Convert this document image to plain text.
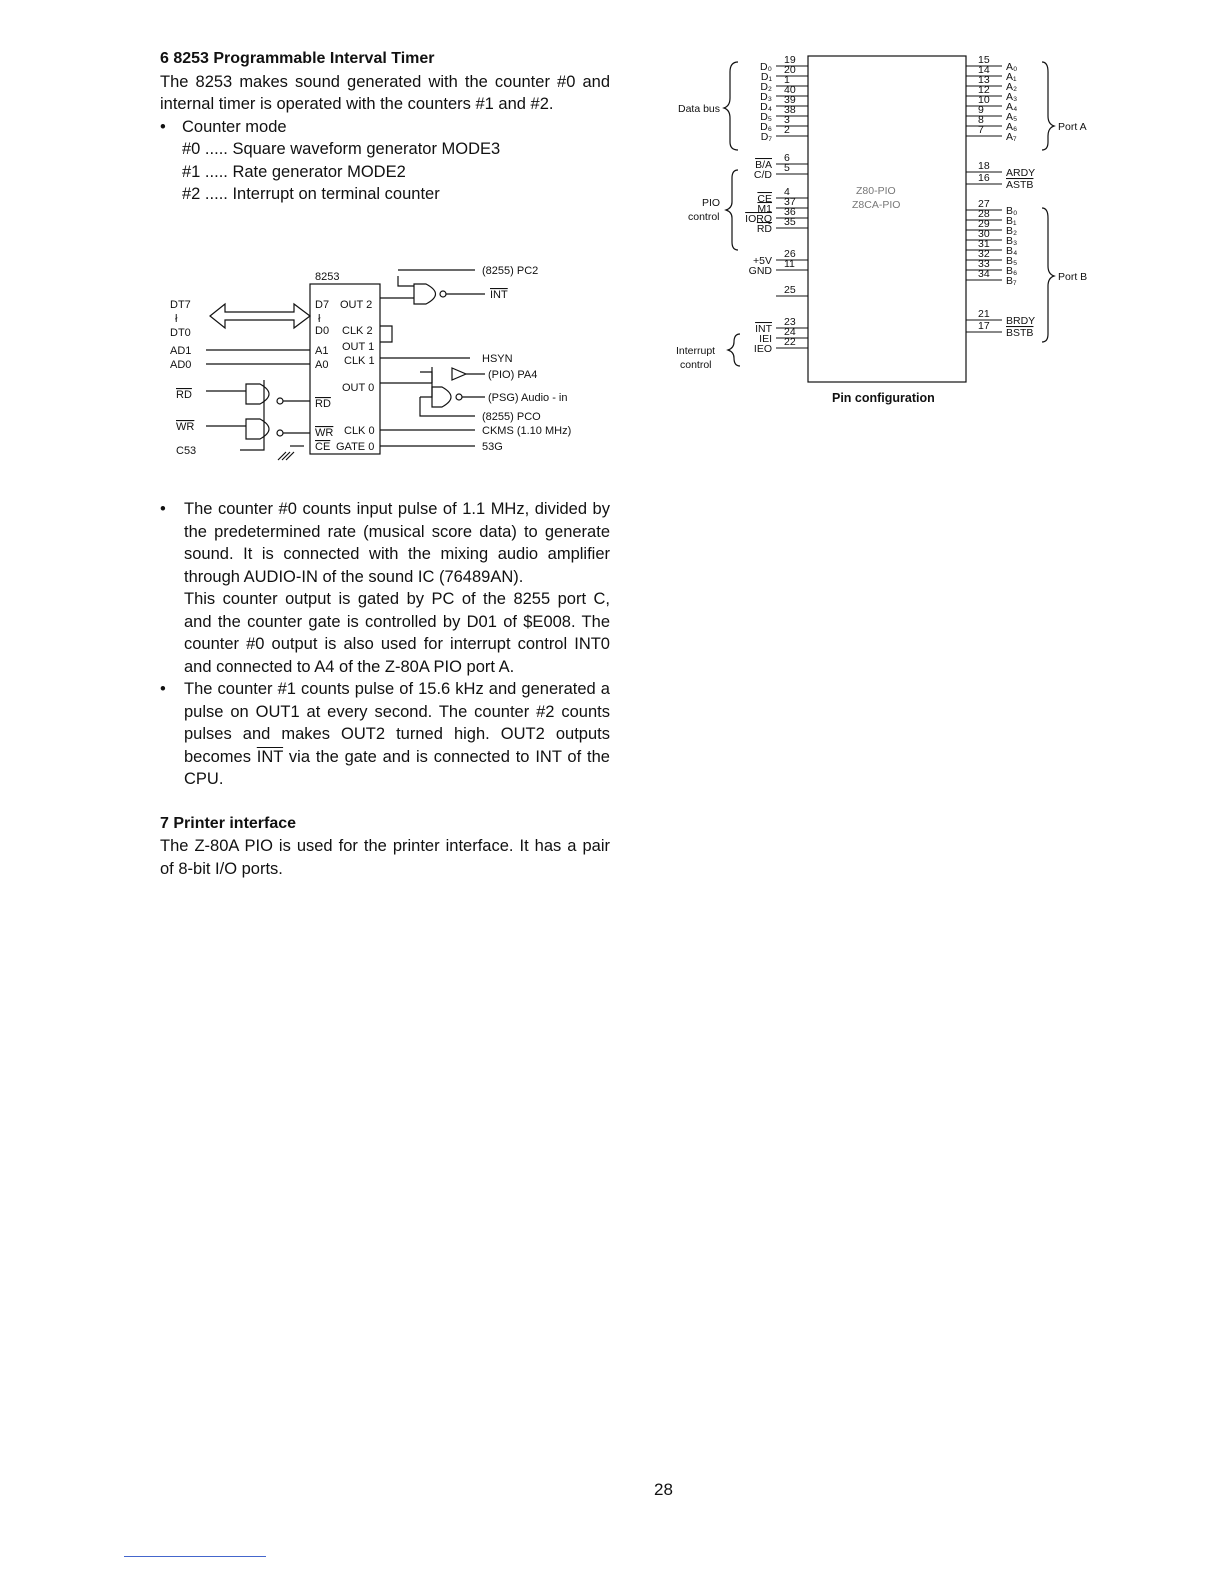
6 8253 Programmable Interval Timer

The 8253 makes sound generated with the counter #0 and internal timer is operated with the counters #1 and #2.

• Counter mode

#0 ..... Square waveform generator MODE3
#1 ..... Rate generator MODE2
#2 ..... Interrupt on terminal counter
8253
DT7
ł
DT0
AD1
AD0
RD
WR
C53
D7
ł
D0
A1
A0
RD
WR
CE
OUT 2
CLK 2
OUT 1
CLK 1
OUT 0
CLK 0
GATE 0
(8255) PC2
INT
HSYN
(PIO) PA4
(PSG) Audio - in
(8255) PCO
CKMS (1.10 MHz)
53G
• The counter #0 counts input pulse of 1.1 MHz, divided by the predetermined rate (musical score data) to generate sound. It is connected with the mixing audio amplifier through AUDIO-IN of the sound IC (76489AN).

This counter output is gated by PC of the 8255 port C, and the counter gate is controlled by D01 of $E008. The counter #0 output is also used for interrupt control INT0 and connected to A4 of the Z-80A PIO port A.

• The counter #1 counts pulse of 15.6 kHz and generated a pulse on OUT1 at every second. The counter #2 counts pulses and makes OUT2 turned high. OUT2 outputs becomes $\overline{INT}$ via the gate and is connected to INT of the CPU.

7 Printer interface

The Z-80A PIO is used for the printer interface. It has a pair of 8-bit I/O ports.

19
D₀ 20
D₁ 1
D₂ 40
D₃ 39
D₄ 38
D₅ 3
D₆ 2
D₇
6
B/A 5
C/D
4
CE 37
M1 36
IORQ 35
RD
26
+5V 11
GND
25
23
INT 24
IEI 22
IEO
15
A₀
14
A₁
13
A₂
12
A₃
10
A₄
9
A₅
8
A₆
7
A₇
18
ARDY
16
ASTB
27
B₀
28
B₁
29
B₂
30
B₃
31
B₄
32
B₅
33
B₆
34
B₇
21
BRDY
17
BSTB
Data bus
PIO
control
Interrupt
control
Port A
Port B
Z80-PIO
Z8CA-PIO
Pin configuration
28
